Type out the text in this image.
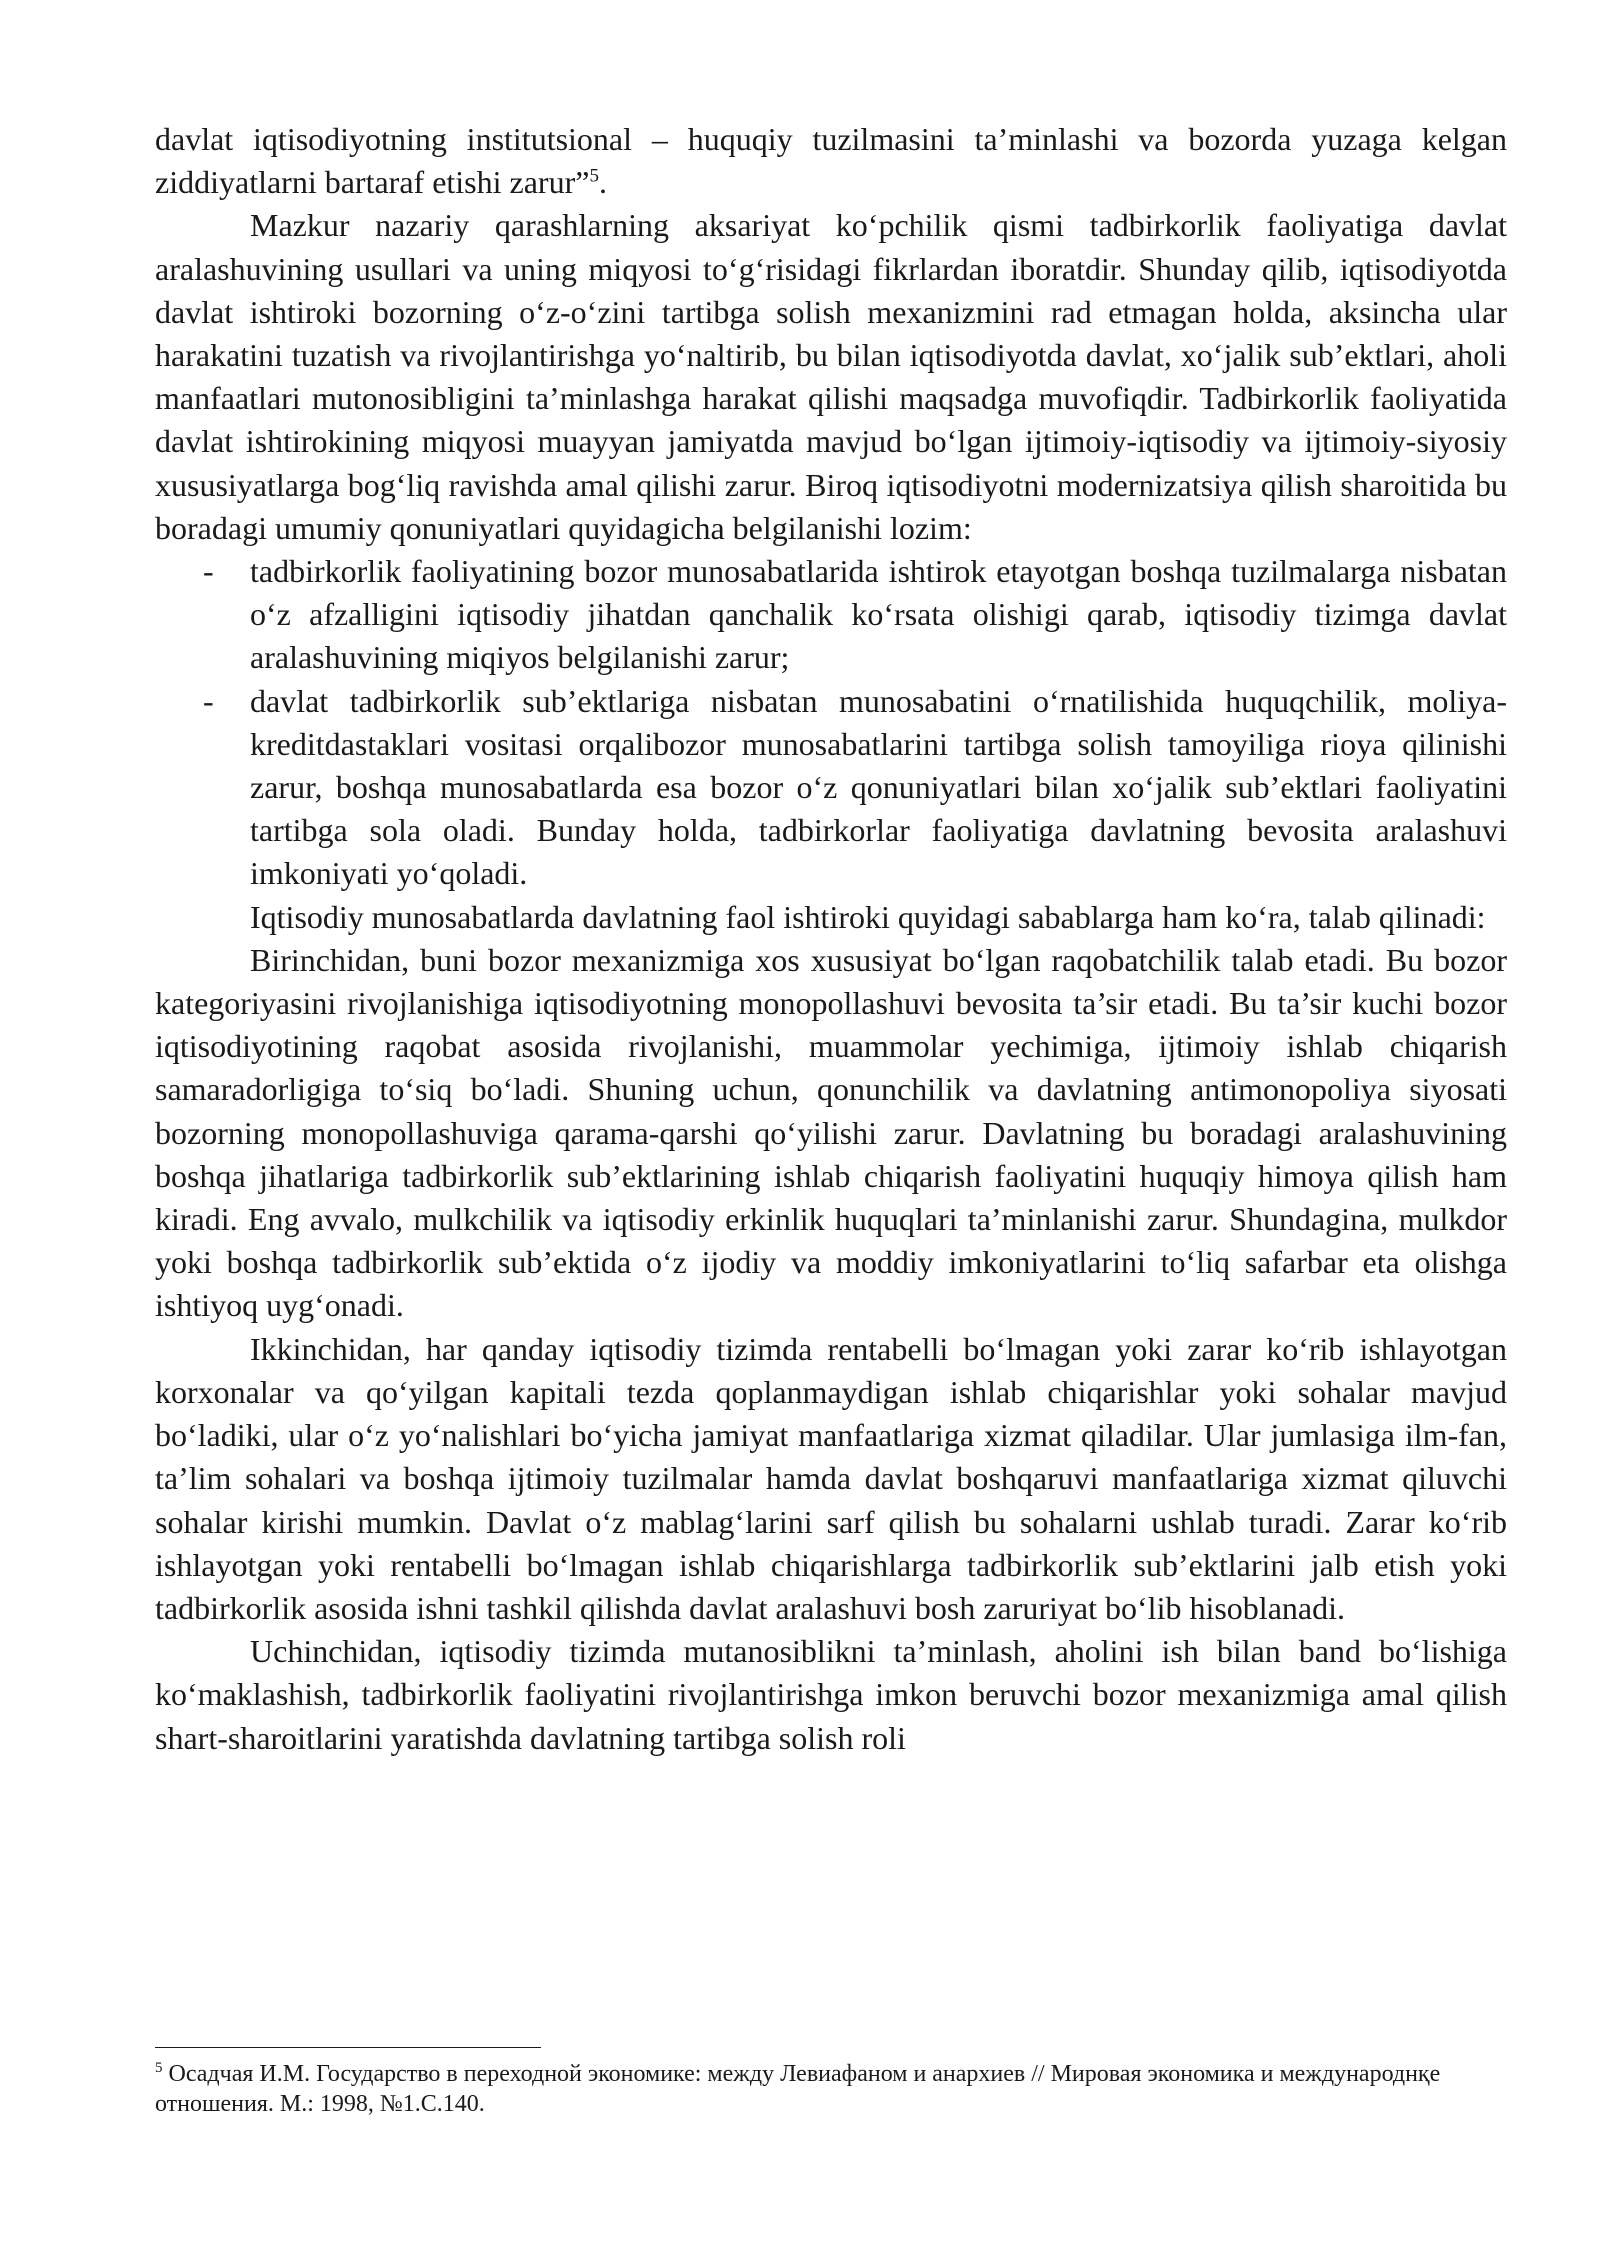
davlat iqtisodiyotning institutsional – huquqiy tuzilmasini ta’minlashi va bozorda yuzaga kelgan ziddiyatlarni bartaraf etishi zarur”$^5$.

Mazkur nazariy qarashlarning aksariyat ko‘pchilik qismi tadbirkorlik faoliyatiga davlat aralashuvining usullari va uning miqyosi to‘g‘risidagi fikrlardan iboratdir. Shunday qilib, iqtisodiyotda davlat ishtiroki bozorning o‘z-o‘zini tartibga solish mexanizmini rad etmagan holda, aksincha ular harakatini tuzatish va rivojlantirishga yo‘naltirib, bu bilan iqtisodiyotda davlat, xo‘jalik sub’ektlari, aholi manfaatlari mutonosibligini ta’minlashga harakat qilishi maqsadga muvofiqdir. Tadbirkorlik faoliyatida davlat ishtirokining miqyosi muayyan jamiyatda mavjud bo‘lgan ijtimoiy-iqtisodiy va ijtimoiy-siyosiy xususiyatlarga bog‘liq ravishda amal qilishi zarur. Biroq iqtisodiyotni modernizatsiya qilish sharoitida bu boradagi umumiy qonuniyatlari quyidagicha belgilanishi lozim:

- tadbirkorlik faoliyatining bozor munosabatlarida ishtirok etayotgan boshqa tuzilmalarga nisbatan o‘z afzalligini iqtisodiy jihatdan qanchalik ko‘rsata olishigi qarab, iqtisodiy tizimga davlat aralashuvining miqiyos belgilanishi zarur;
- davlat tadbirkorlik sub’ektlariga nisbatan munosabatini o‘rnatilishida huquqchilik, moliya-kreditdastaklari vositasi orqalibozor munosabatlarini tartibga solish tamoyiliga rioya qilinishi zarur, boshqa munosabatlarda esa bozor o‘z qonuniyatlari bilan xo‘jalik sub’ektlari faoliyatini tartibga sola oladi. Bunday holda, tadbirkorlar faoliyatiga davlatning bevosita aralashuvi imkoniyati yo‘qoladi.

Iqtisodiy munosabatlarda davlatning faol ishtiroki quyidagi sabablarga ham ko‘ra, talab qilinadi:

Birinchidan, buni bozor mexanizmiga xos xususiyat bo‘lgan raqobatchilik talab etadi. Bu bozor kategoriyasini rivojlanishiga iqtisodiyotning monopollashuvi bevosita ta’sir etadi. Bu ta’sir kuchi bozor iqtisodiyotining raqobat asosida rivojlanishi, muammolar yechimiga, ijtimoiy ishlab chiqarish samaradorligiga to‘siq bo‘ladi. Shuning uchun, qonunchilik va davlatning antimonopoliya siyosati bozorning monopollashuviga qarama-qarshi qo‘yilishi zarur. Davlatning bu boradagi aralashuvining boshqa jihatlariga tadbirkorlik sub’ektlarining ishlab chiqarish faoliyatini huquqiy himoya qilish ham kiradi. Eng avvalo, mulkchilik va iqtisodiy erkinlik huquqlari ta’minlanishi zarur. Shundagina, mulkdor yoki boshqa tadbirkorlik sub’ektida o‘z ijodiy va moddiy imkoniyatlarini to‘liq safarbar eta olishga ishtiyoq uyg‘onadi.

Ikkinchidan, har qanday iqtisodiy tizimda rentabelli bo‘lmagan yoki zarar ko‘rib ishlayotgan korxonalar va qo‘yilgan kapitali tezda qoplanmaydigan ishlab chiqarishlar yoki sohalar mavjud bo‘ladiki, ular o‘z yo‘nalishlari bo‘yicha jamiyat manfaatlariga xizmat qiladilar. Ular jumlasiga ilm-fan, ta’lim sohalari va boshqa ijtimoiy tuzilmalar hamda davlat boshqaruvi manfaatlariga xizmat qiluvchi sohalar kirishi mumkin. Davlat o‘z mablag‘larini sarf qilish bu sohalarni ushlab turadi. Zarar ko‘rib ishlayotgan yoki rentabelli bo‘lmagan ishlab chiqarishlarga tadbirkorlik sub’ektlarini jalb etish yoki tadbirkorlik asosida ishni tashkil qilishda davlat aralashuvi bosh zaruriyat bo‘lib hisoblanadi.

Uchinchidan, iqtisodiy tizimda mutanosiblikni ta’minlash, aholini ish bilan band bo‘lishiga ko‘maklashish, tadbirkorlik faoliyatini rivojlantirishga imkon beruvchi bozor mexanizmiga amal qilish shart-sharoitlarini yaratishda davlatning tartibga solish roli

$^5$ Осадчая И.М. Государство в переходной экономике: между Левиафаном и анархиев // Мировая экономика и международнқе отношения. М.: 1998, №1.С.140.
